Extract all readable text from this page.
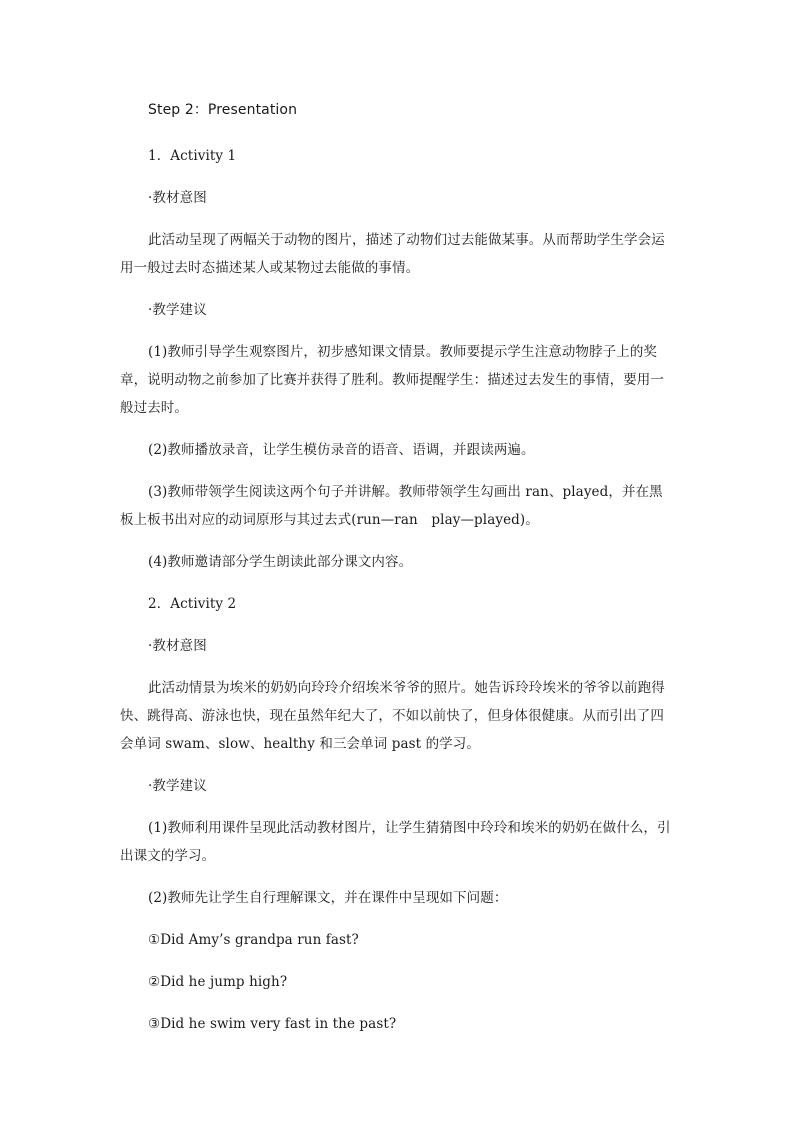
Step 2：Presentation

1．Activity 1

·教材意图

此活动呈现了两幅关于动物的图片，描述了动物们过去能做某事。从而帮助学生学会运用一般过去时态描述某人或某物过去能做的事情。

·教学建议

(1)教师引导学生观察图片，初步感知课文情景。教师要提示学生注意动物脖子上的奖章，说明动物之前参加了比赛并获得了胜利。教师提醒学生：描述过去发生的事情，要用一般过去时。

(2)教师播放录音，让学生模仿录音的语音、语调，并跟读两遍。

(3)教师带领学生阅读这两个句子并讲解。教师带领学生勾画出 ran、played，并在黑板上板书出对应的动词原形与其过去式(run—ran　play—played)。

(4)教师邀请部分学生朗读此部分课文内容。

2．Activity 2

·教材意图

此活动情景为埃米的奶奶向玲玲介绍埃米爷爷的照片。她告诉玲玲埃米的爷爷以前跑得快、跳得高、游泳也快，现在虽然年纪大了，不如以前快了，但身体很健康。从而引出了四会单词 swam、slow、healthy 和三会单词 past 的学习。

·教学建议

(1)教师利用课件呈现此活动教材图片，让学生猜猜图中玲玲和埃米的奶奶在做什么，引出课文的学习。

(2)教师先让学生自行理解课文，并在课件中呈现如下问题：

①Did Amy’s grandpa run fast?

②Did he jump high?

③Did he swim very fast in the past?
